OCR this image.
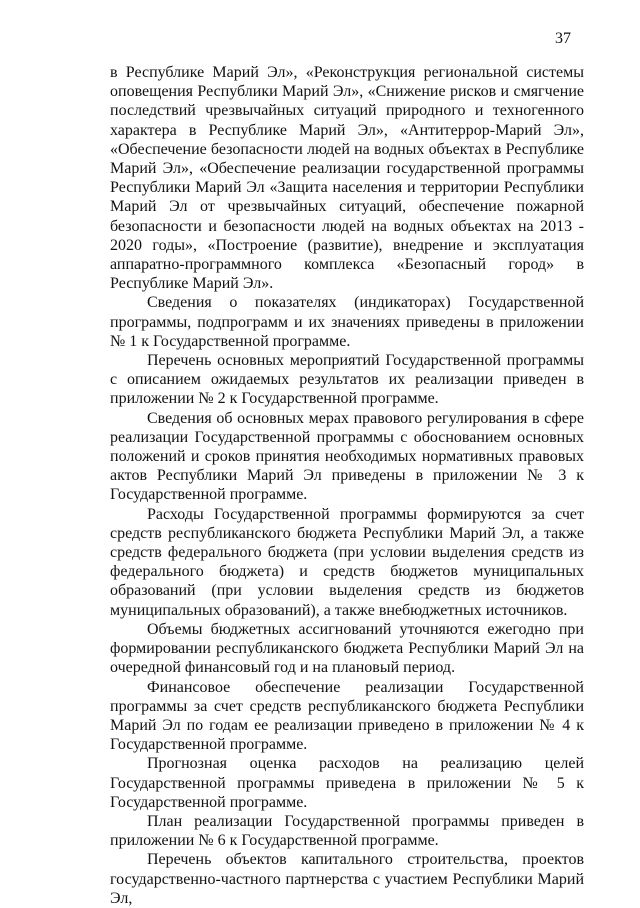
37

в Республике Марий Эл», «Реконструкция региональной системы оповещения Республики Марий Эл», «Снижение рисков и смягчение последствий чрезвычайных ситуаций природного и техногенного характера в Республике Марий Эл», «Антитеррор-Марий Эл», «Обеспечение безопасности людей на водных объектах в Республике Марий Эл», «Обеспечение реализации государственной программы Республики Марий Эл «Защита населения и территории Республики Марий Эл от чрезвычайных ситуаций, обеспечение пожарной безопасности и безопасности людей на водных объектах на 2013 - 2020 годы», «Построение (развитие), внедрение и эксплуатация аппаратно-программного комплекса «Безопасный город» в Республике Марий Эл».

Сведения о показателях (индикаторах) Государственной программы, подпрограмм и их значениях приведены в приложении № 1 к Государственной программе.

Перечень основных мероприятий Государственной программы с описанием ожидаемых результатов их реализации приведен в приложении № 2 к Государственной программе.

Сведения об основных мерах правового регулирования в сфере реализации Государственной программы с обоснованием основных положений и сроков принятия необходимых нормативных правовых актов Республики Марий Эл приведены в приложении № 3 к Государственной программе.

Расходы Государственной программы формируются за счет средств республиканского бюджета Республики Марий Эл, а также средств федерального бюджета (при условии выделения средств из федерального бюджета) и средств бюджетов муниципальных образований (при условии выделения средств из бюджетов муниципальных образований), а также внебюджетных источников.

Объемы бюджетных ассигнований уточняются ежегодно при формировании республиканского бюджета Республики Марий Эл на очередной финансовый год и на плановый период.

Финансовое обеспечение реализации Государственной программы за счет средств республиканского бюджета Республики Марий Эл по годам ее реализации приведено в приложении № 4 к Государственной программе.

Прогнозная оценка расходов на реализацию целей Государственной программы приведена в приложении № 5 к Государственной программе.

План реализации Государственной программы приведен в приложении № 6 к Государственной программе.

Перечень объектов капитального строительства, проектов государственно-частного партнерства с участием Республики Марий Эл,
